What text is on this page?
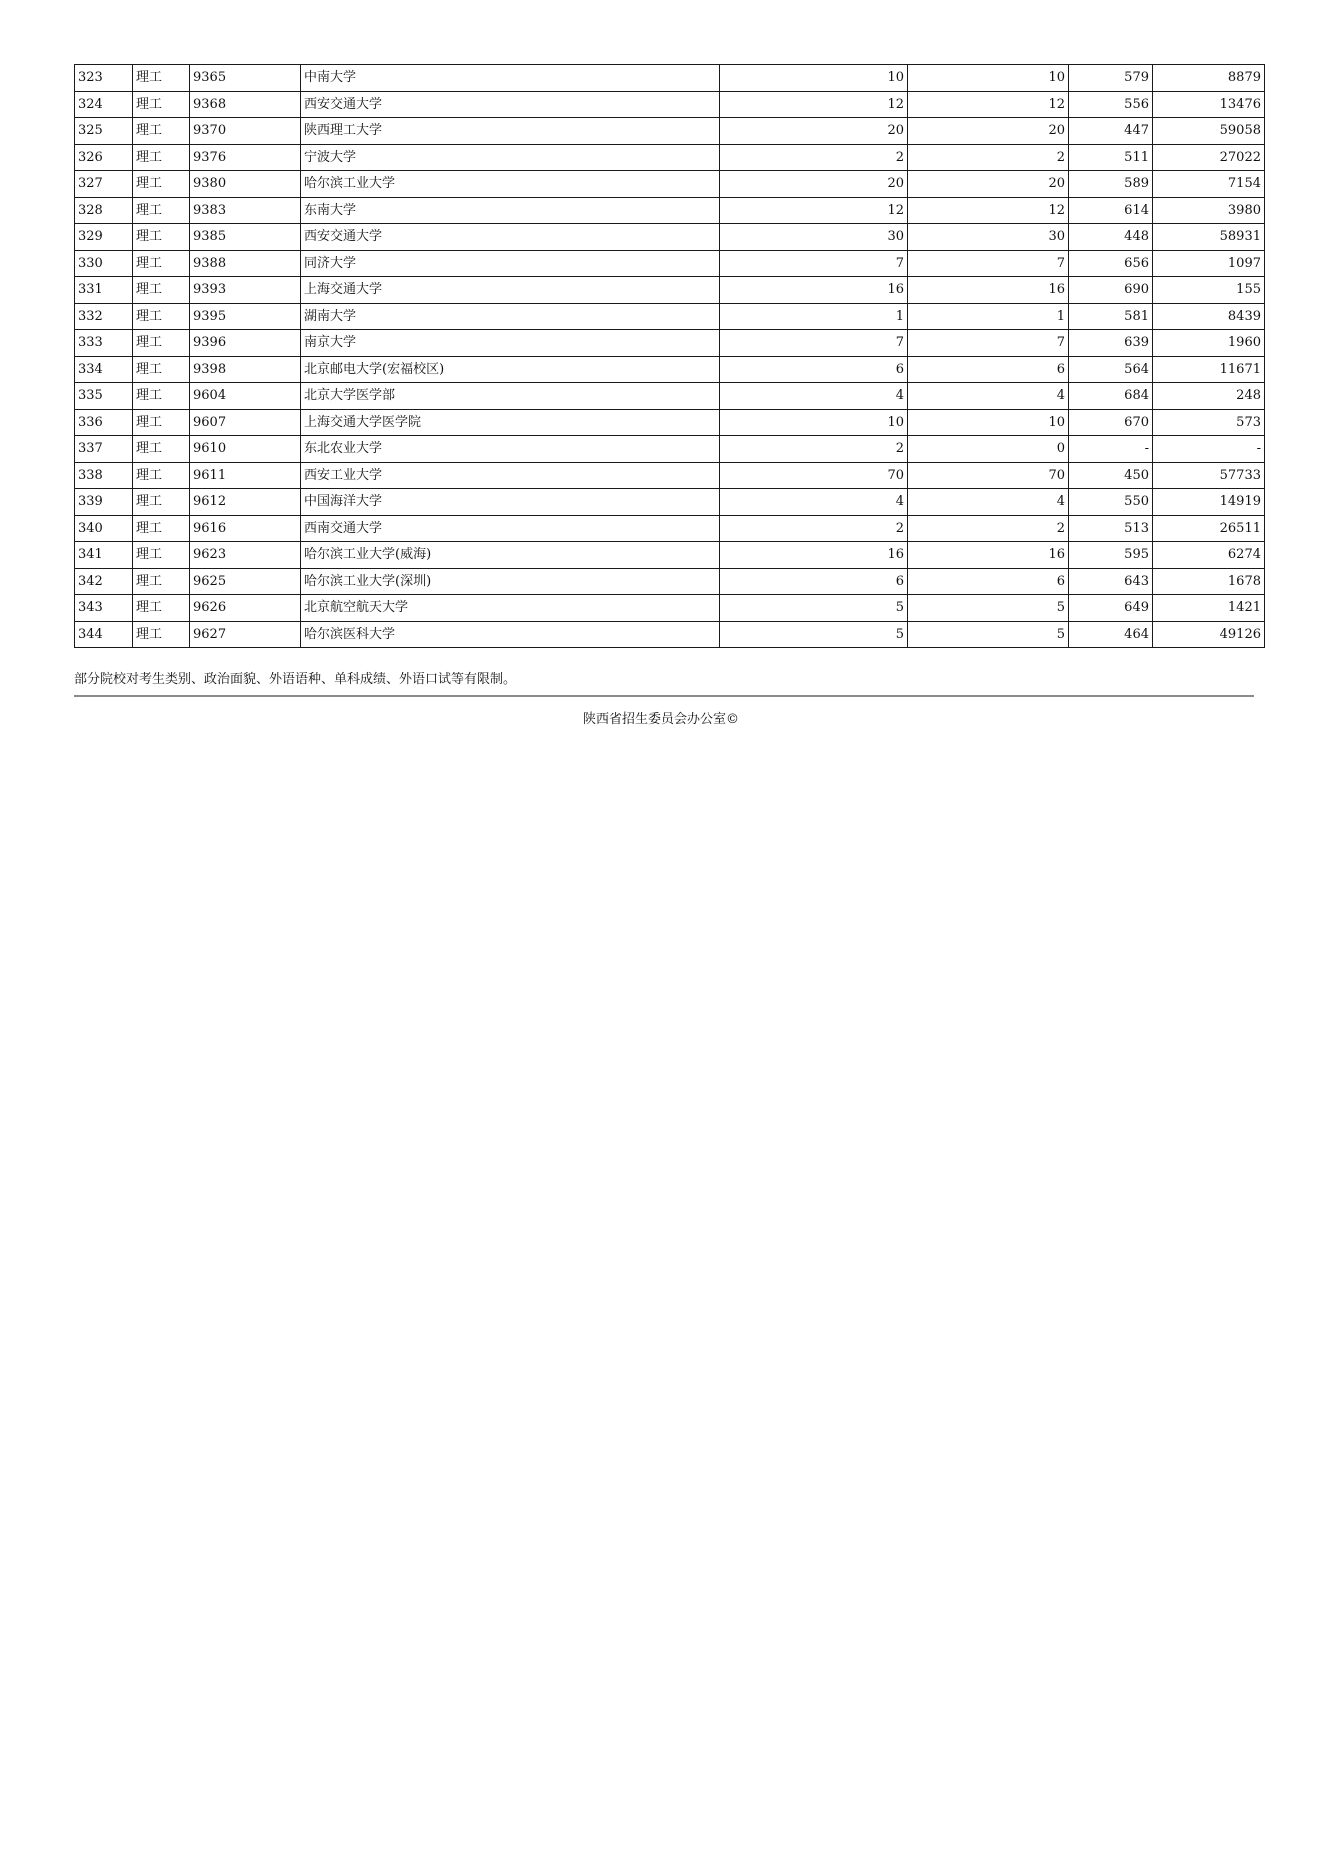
323	理工	9365	中南大学	10	10	579	8879
324	理工	9368	西安交通大学	12	12	556	13476
325	理工	9370	陕西理工大学	20	20	447	59058
326	理工	9376	宁波大学	2	2	511	27022
327	理工	9380	哈尔滨工业大学	20	20	589	7154
328	理工	9383	东南大学	12	12	614	3980
329	理工	9385	西安交通大学	30	30	448	58931
330	理工	9388	同济大学	7	7	656	1097
331	理工	9393	上海交通大学	16	16	690	155
332	理工	9395	湖南大学	1	1	581	8439
333	理工	9396	南京大学	7	7	639	1960
334	理工	9398	北京邮电大学(宏福校区)	6	6	564	11671
335	理工	9604	北京大学医学部	4	4	684	248
336	理工	9607	上海交通大学医学院	10	10	670	573
337	理工	9610	东北农业大学	2	0	-	-
338	理工	9611	西安工业大学	70	70	450	57733
339	理工	9612	中国海洋大学	4	4	550	14919
340	理工	9616	西南交通大学	2	2	513	26511
341	理工	9623	哈尔滨工业大学(威海)	16	16	595	6274
342	理工	9625	哈尔滨工业大学(深圳)	6	6	643	1678
343	理工	9626	北京航空航天大学	5	5	649	1421
344	理工	9627	哈尔滨医科大学	5	5	464	49126
部分院校对考生类别、政治面貌、外语语种、单科成绩、外语口试等有限制。
陕西省招生委员会办公室©
